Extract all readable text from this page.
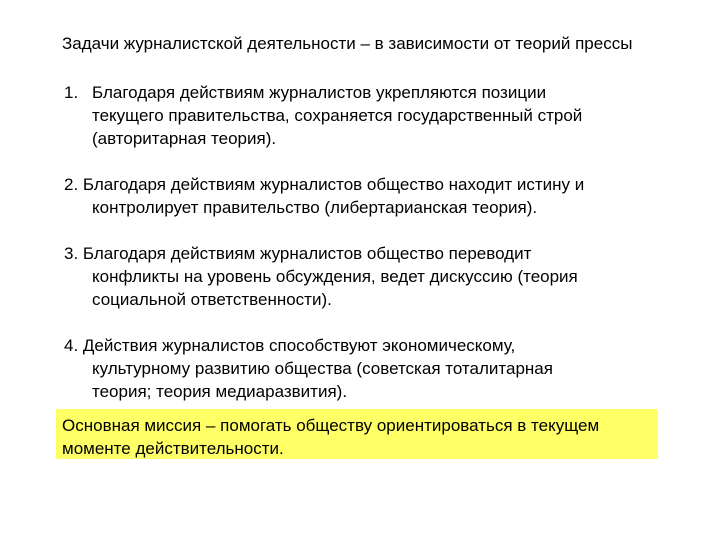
Задачи журналистской деятельности – в зависимости от теорий прессы
1. Благодаря действиям журналистов укрепляются позиции
текущего правительства, сохраняется государственный строй
(авторитарная теория).
2. Благодаря действиям журналистов общество находит истину и
контролирует правительство (либертарианская теория).
3. Благодаря действиям журналистов общество переводит
конфликты на уровень обсуждения, ведет дискуссию (теория
социальной ответственности).
4. Действия журналистов способствуют экономическому,
культурному развитию общества (советская тоталитарная
теория; теория медиаразвития).
Основная миссия – помогать обществу ориентироваться в текущем
моменте действительности.
